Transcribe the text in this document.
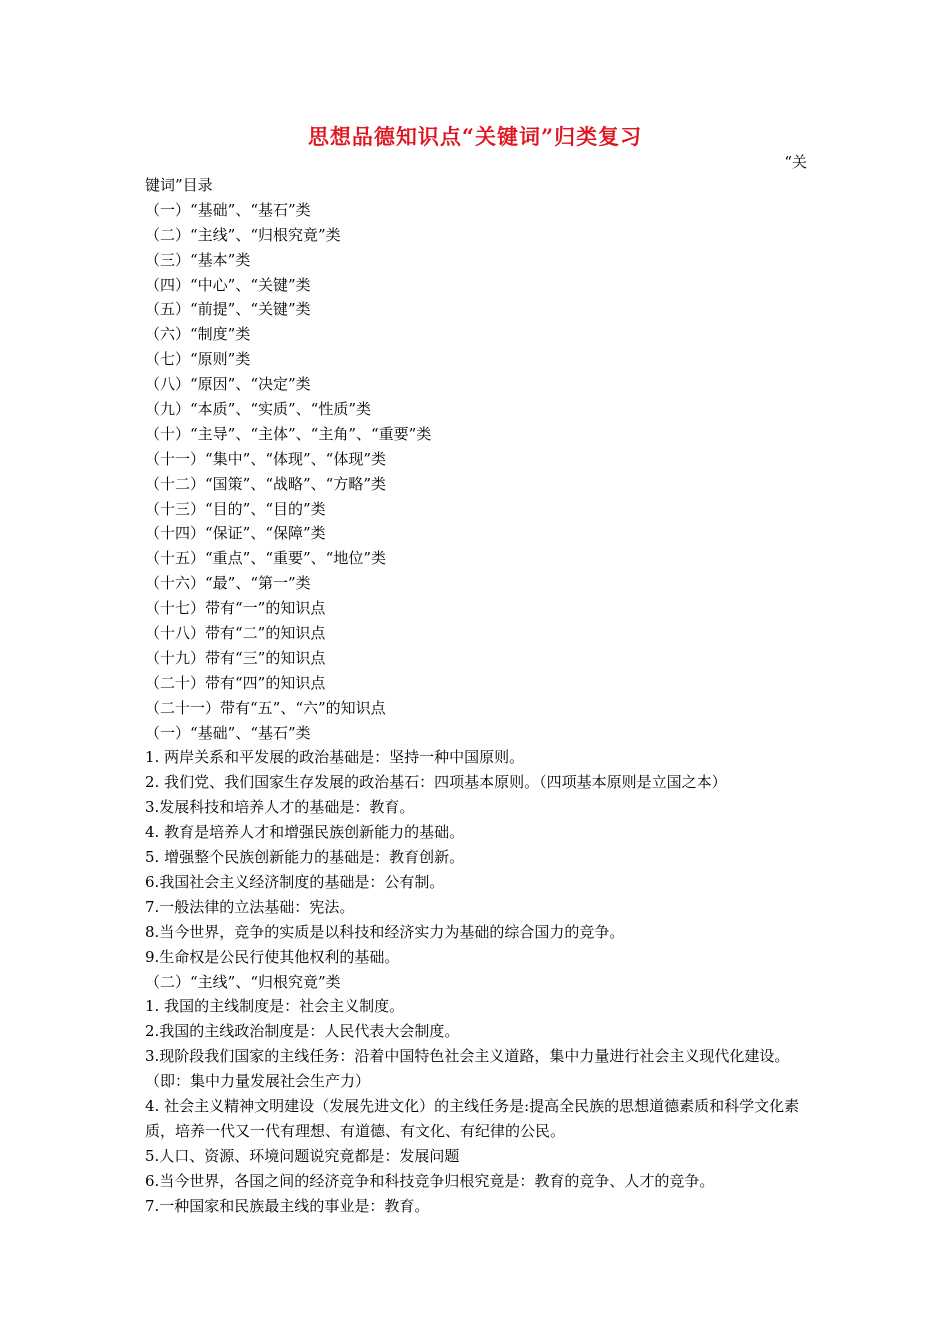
思想品德知识点“关键词”归类复习
“关
键词”目录
（一）“基础”、“基石”类
（二）“主线”、“归根究竟”类
（三）“基本”类
（四）“中心”、“关键”类
（五）“前提”、“关键”类
（六）“制度”类
（七）“原则”类
（八）“原因”、“决定”类
（九）“本质”、“实质”、“性质”类
（十）“主导”、“主体”、“主角”、“重要”类
（十一）“集中”、“体现”、“体现”类
（十二）“国策”、“战略”、“方略”类
（十三）“目的”、“目的”类
（十四）“保证”、“保障”类
（十五）“重点”、“重要”、“地位”类
（十六）“最”、“第一”类
（十七）带有“一”的知识点
（十八）带有“二”的知识点
（十九）带有“三”的知识点
（二十）带有“四”的知识点
（二十一）带有“五”、“六”的知识点
（一）“基础”、“基石”类
1. 两岸关系和平发展的政治基础是：坚持一种中国原则。
2. 我们党、我们国家生存发展的政治基石：四项基本原则。（四项基本原则是立国之本）
3.发展科技和培养人才的基础是：教育。
4. 教育是培养人才和增强民族创新能力的基础。
5. 增强整个民族创新能力的基础是：教育创新。
6.我国社会主义经济制度的基础是：公有制。
7.一般法律的立法基础：宪法。
8.当今世界，竞争的实质是以科技和经济实力为基础的综合国力的竞争。
9.生命权是公民行使其他权利的基础。
（二）“主线”、“归根究竟”类
1. 我国的主线制度是：社会主义制度。
2.我国的主线政治制度是：人民代表大会制度。
3.现阶段我们国家的主线任务：沿着中国特色社会主义道路，集中力量进行社会主义现代化建设。（即：集中力量发展社会生产力）
4. 社会主义精神文明建设（发展先进文化）的主线任务是:提高全民族的思想道德素质和科学文化素质，培养一代又一代有理想、有道德、有文化、有纪律的公民。
5.人口、资源、环境问题说究竟都是：发展问题
6.当今世界，各国之间的经济竞争和科技竞争归根究竟是：教育的竞争、人才的竞争。
7.一种国家和民族最主线的事业是：教育。
